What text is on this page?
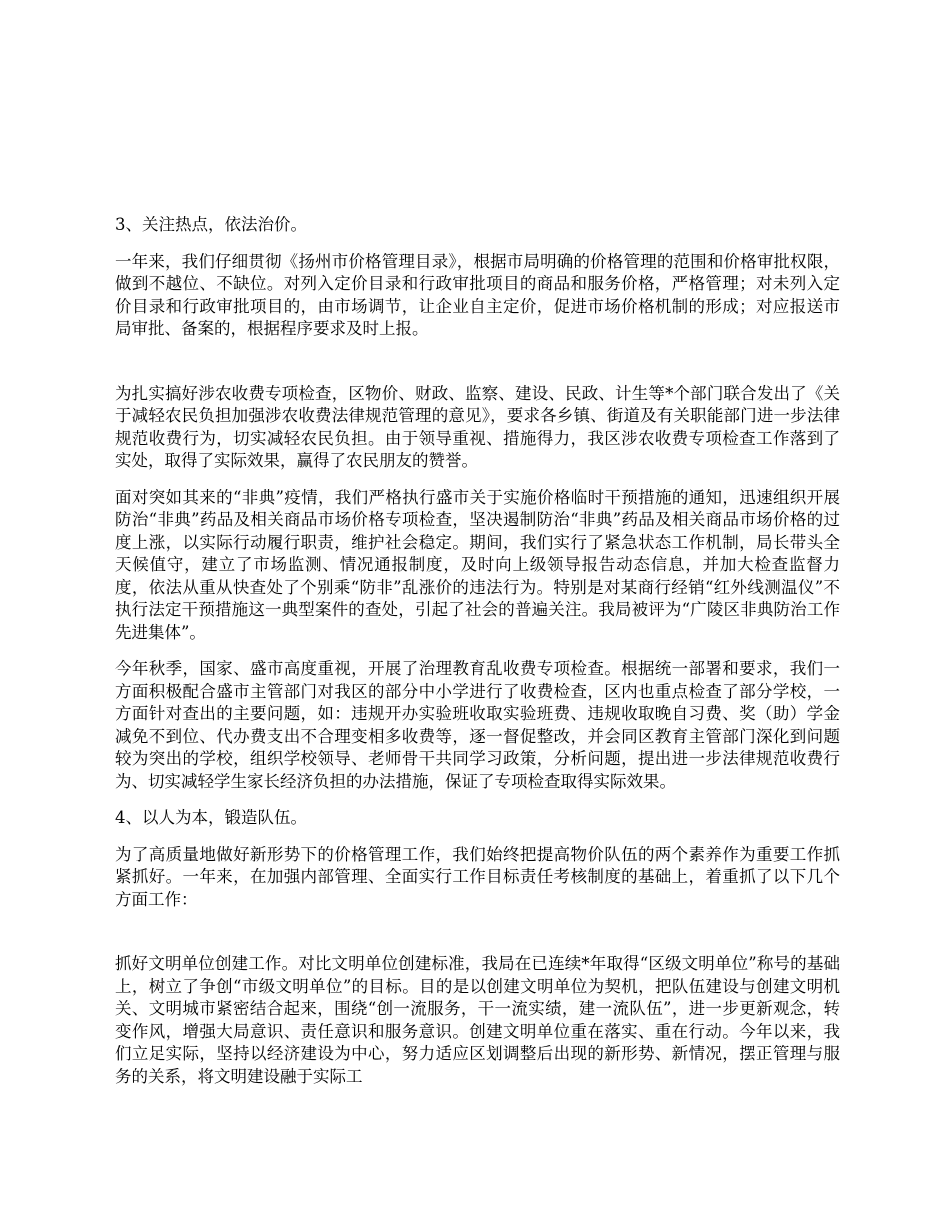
3、关注热点，依法治价。

一年来，我们仔细贯彻《扬州市价格管理目录》，根据市局明确的价格管理的范围和价格审批权限，做到不越位、不缺位。对列入定价目录和行政审批项目的商品和服务价格，严格管理；对未列入定价目录和行政审批项目的，由市场调节，让企业自主定价，促进市场价格机制的形成；对应报送市局审批、备案的，根据程序要求及时上报。

为扎实搞好涉农收费专项检查，区物价、财政、监察、建设、民政、计生等*个部门联合发出了《关于减轻农民负担加强涉农收费法律规范管理的意见》，要求各乡镇、街道及有关职能部门进一步法律规范收费行为，切实减轻农民负担。由于领导重视、措施得力，我区涉农收费专项检查工作落到了实处，取得了实际效果，赢得了农民朋友的赞誉。

面对突如其来的“非典”疫情，我们严格执行盛市关于实施价格临时干预措施的通知，迅速组织开展防治“非典”药品及相关商品市场价格专项检查，坚决遏制防治“非典”药品及相关商品市场价格的过度上涨，以实际行动履行职责，维护社会稳定。期间，我们实行了紧急状态工作机制，局长带头全天候值守，建立了市场监测、情况通报制度，及时向上级领导报告动态信息，并加大检查监督力度，依法从重从快查处了个别乘“防非”乱涨价的违法行为。特别是对某商行经销“红外线测温仪”不执行法定干预措施这一典型案件的查处，引起了社会的普遍关注。我局被评为“广陵区非典防治工作先进集体”。

今年秋季，国家、盛市高度重视，开展了治理教育乱收费专项检查。根据统一部署和要求，我们一方面积极配合盛市主管部门对我区的部分中小学进行了收费检查，区内也重点检查了部分学校，一方面针对查出的主要问题，如：违规开办实验班收取实验班费、违规收取晚自习费、奖（助）学金减免不到位、代办费支出不合理变相多收费等，逐一督促整改，并会同区教育主管部门深化到问题较为突出的学校，组织学校领导、老师骨干共同学习政策，分析问题，提出进一步法律规范收费行为、切实减轻学生家长经济负担的办法措施，保证了专项检查取得实际效果。

4、以人为本，锻造队伍。

为了高质量地做好新形势下的价格管理工作，我们始终把提高物价队伍的两个素养作为重要工作抓紧抓好。一年来，在加强内部管理、全面实行工作目标责任考核制度的基础上，着重抓了以下几个方面工作：

抓好文明单位创建工作。对比文明单位创建标准，我局在已连续*年取得“区级文明单位”称号的基础上，树立了争创“市级文明单位”的目标。目的是以创建文明单位为契机，把队伍建设与创建文明机关、文明城市紧密结合起来，围绕“创一流服务，干一流实绩，建一流队伍”，进一步更新观念，转变作风，增强大局意识、责任意识和服务意识。创建文明单位重在落实、重在行动。今年以来，我们立足实际，坚持以经济建设为中心，努力适应区划调整后出现的新形势、新情况，摆正管理与服务的关系，将文明建设融于实际工
